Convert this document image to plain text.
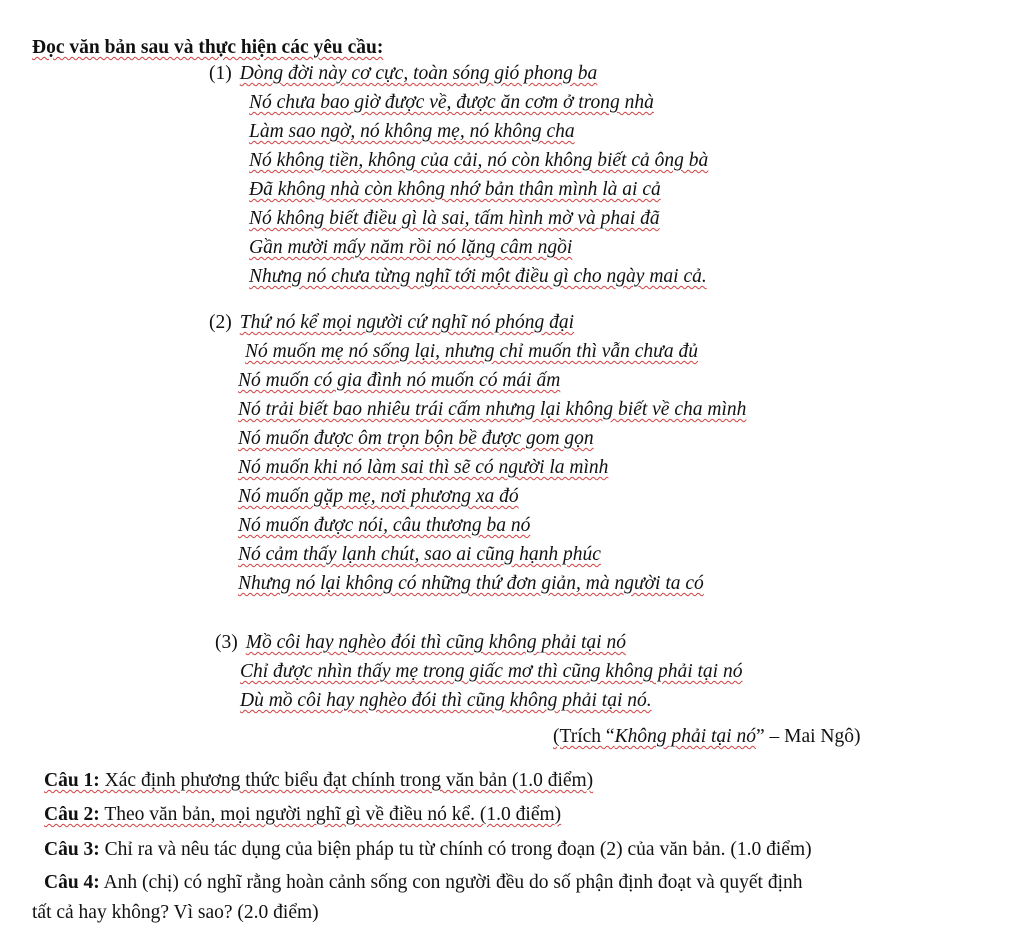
Đọc văn bản sau và thực hiện các yêu cầu:
(1) Dòng đời này cơ cực, toàn sóng gió phong ba
Nó chưa bao giờ được về, được ăn cơm ở trong nhà
Làm sao ngờ, nó không mẹ, nó không cha
Nó không tiền, không của cải, nó còn không biết cả ông bà
Đã không nhà còn không nhớ bản thân mình là ai cả
Nó không biết điều gì là sai, tấm hình mờ và phai đã
Gần mười mấy năm rồi nó lặng câm ngồi
Nhưng nó chưa từng nghĩ tới một điều gì cho ngày mai cả.
(2) Thứ nó kể mọi người cứ nghĩ nó phóng đại
Nó muốn mẹ nó sống lại, nhưng chỉ muốn thì vẫn chưa đủ
Nó muốn có gia đình nó muốn có mái ấm
Nó trải biết bao nhiêu trái cấm nhưng lại không biết về cha mình
Nó muốn được ôm trọn bộn bề được gom gọn
Nó muốn khi nó làm sai thì sẽ có người la mình
Nó muốn gặp mẹ, nơi phương xa đó
Nó muốn được nói, câu thương ba nó
Nó cảm thấy lạnh chút, sao ai cũng hạnh phúc
Nhưng nó lại không có những thứ đơn giản, mà người ta có
(3) Mồ côi hay nghèo đói thì cũng không phải tại nó
Chỉ được nhìn thấy mẹ trong giấc mơ thì cũng không phải tại nó
Dù mồ côi hay nghèo đói thì cũng không phải tại nó.
(Trích “Không phải tại nó” – Mai Ngô)
Câu 1: Xác định phương thức biểu đạt chính trong văn bản (1.0 điểm)
Câu 2: Theo văn bản, mọi người nghĩ gì về điều nó kể. (1.0 điểm)
Câu 3: Chỉ ra và nêu tác dụng của biện pháp tu từ chính có trong đoạn (2) của văn bản. (1.0 điểm)
Câu 4: Anh (chị) có nghĩ rằng hoàn cảnh sống con người đều do số phận định đoạt và quyết định
tất cả hay không? Vì sao? (2.0 điểm)
